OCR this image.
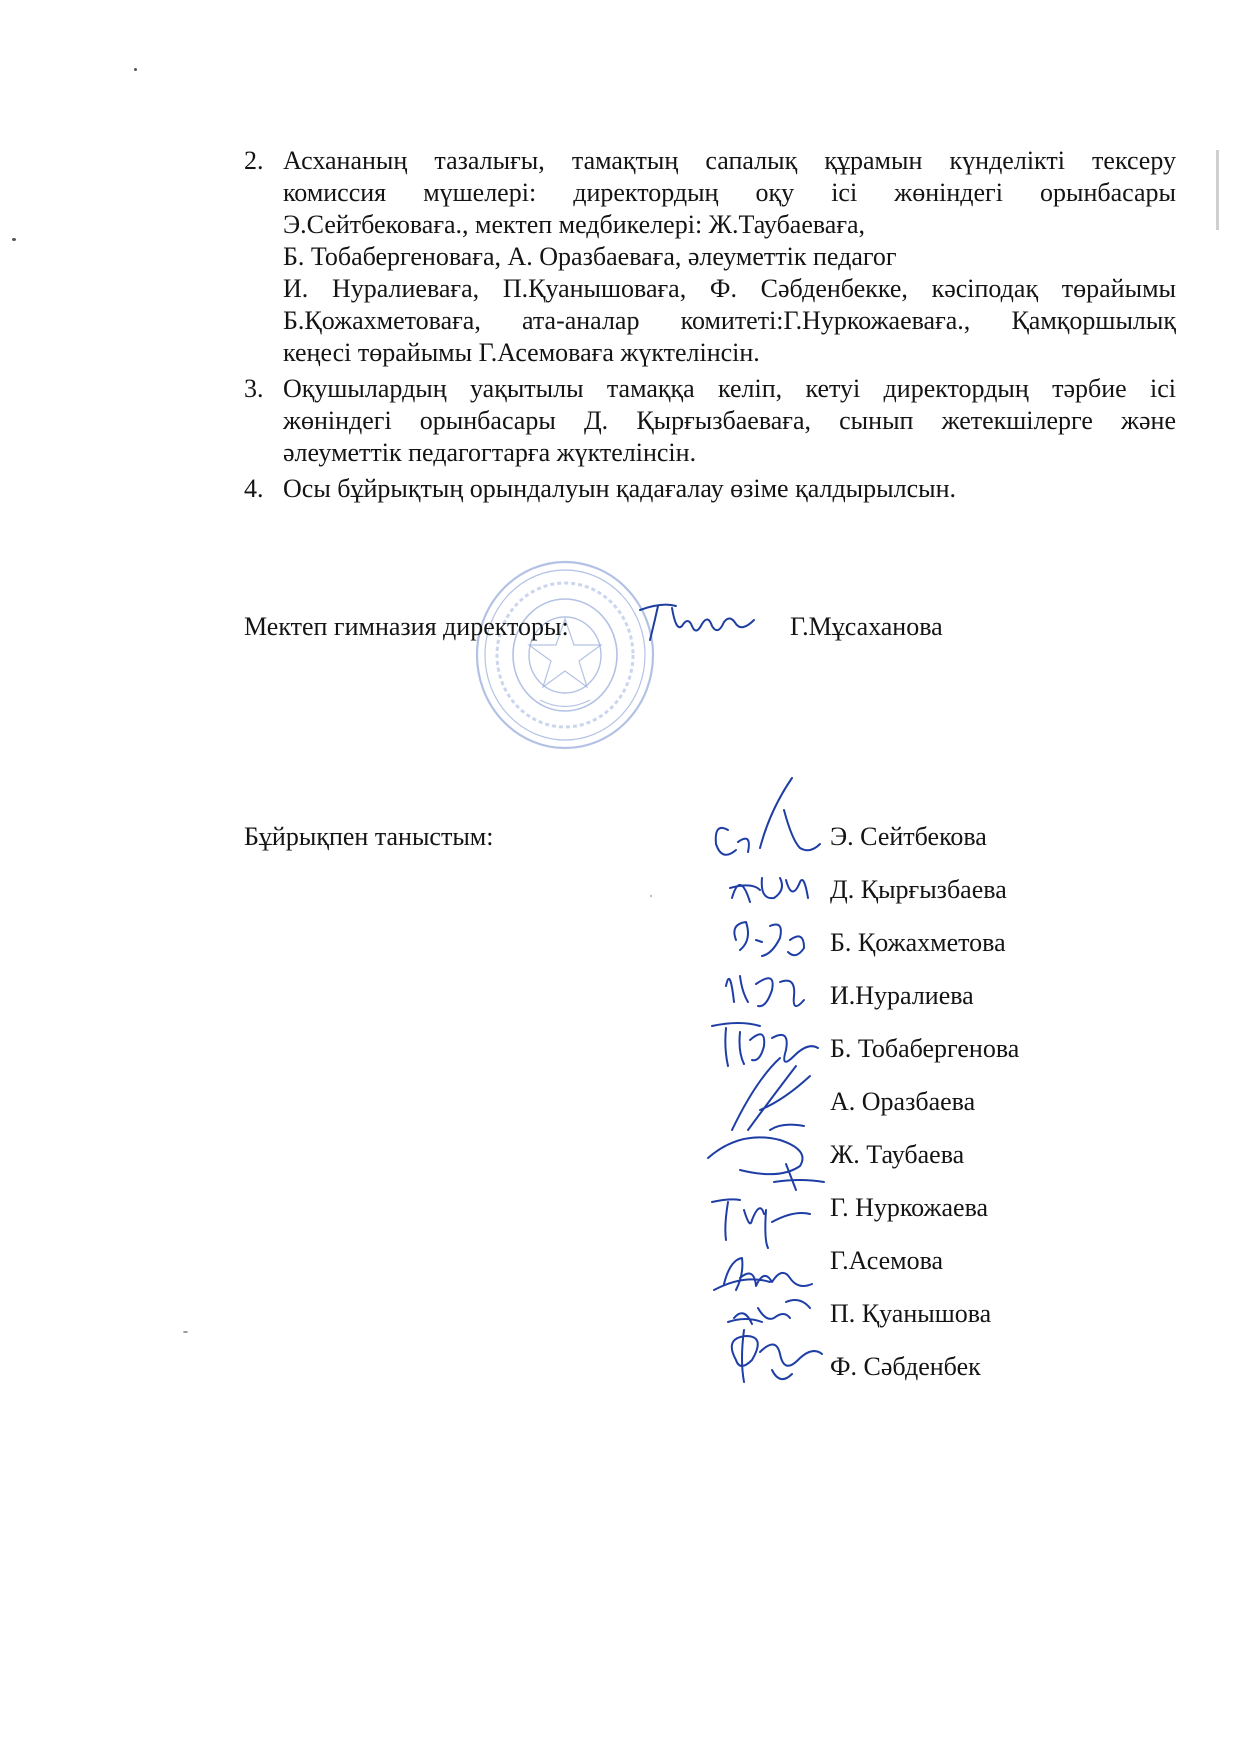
2. Асхананың тазалығы, тамақтың сапалық құрамын күнделікті тексеру
комиссия мүшелері: директордың оқу ісі жөніндегі орынбасары
Э.Сейтбековаға., мектеп медбикелері: Ж.Таубаеваға,
Б. Тобабергеноваға, А. Оразбаеваға, әлеуметтік педагог
И. Нуралиеваға, П.Қуанышоваға, Ф. Сәбденбекке, кәсіподақ төрайымы
Б.Қожахметоваға, ата-аналар комитеті:Г.Нуркожаеваға., Қамқоршылық
кеңесі төрайымы Г.Асемоваға жүктелінсін.
3. Оқушылардың уақытылы тамаққа келіп, кетуі директордың тәрбие ісі
жөніндегі орынбасары Д. Қырғызбаеваға, сынып жетекшілерге және
әлеуметтік педагогтарға жүктелінсін.
4. Осы бұйрықтың орындалуын қадағалау өзіме қалдырылсын.
Мектеп гимназия директоры:	Г.Мұсаханова
Бұйрықпен таныстым:	Э. Сейтбекова
Д. Қырғызбаева
Б. Қожахметова
И.Нуралиева
Б. Тобабергенова
А. Оразбаева
Ж. Таубаева
Г. Нуркожаева
Г.Асемова
П. Қуанышова
Ф. Сәбденбек
